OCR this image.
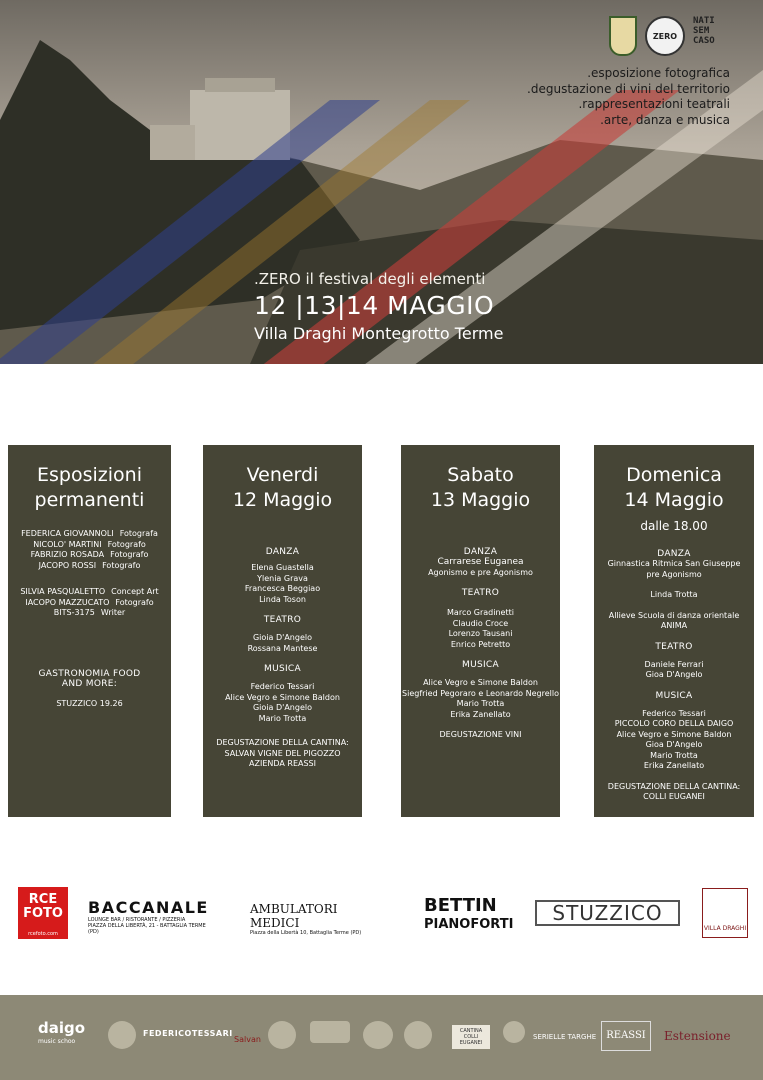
ZERO
NATI SEM CASO
.esposizione fotografica
.degustazione di vini del territorio
.rappresentazioni teatrali
.arte, danza e musica
.ZERO il festival degli elementi
12 |13|14 MAGGIO
Villa Draghi Montegrotto Terme
Esposizioni
permanenti
FEDERICA GIOVANNOLI Fotografa
NICOLO' MARTINI Fotografo
FABRIZIO ROSADA Fotografo
JACOPO ROSSI Fotografo
SILVIA PASQUALETTO Concept Art
IACOPO MAZZUCATO Fotografo
BITS-3175 Writer
GASTRONOMIA FOOD
AND MORE:
STUZZICO 19.26
Venerdi
12 Maggio
DANZA
Elena Guastella
Ylenia Grava
Francesca Beggiao
Linda Toson
TEATRO
Gioia D'Angelo
Rossana Mantese
MUSICA
Federico Tessari
Alice Vegro e Simone Baldon
Gioia D'Angelo
Mario Trotta
DEGUSTAZIONE DELLA CANTINA:
SALVAN VIGNE DEL PIGOZZO
AZIENDA REASSI
Sabato
13 Maggio
DANZA
Carrarese Euganea
Agonismo e pre Agonismo
TEATRO
Marco Gradinetti
Claudio Croce
Lorenzo Tausani
Enrico Petretto
MUSICA
Alice Vegro e Simone Baldon
Siegfried Pegoraro e Leonardo Negrello
Mario Trotta
Erika Zanellato
DEGUSTAZIONE VINI
Domenica
14 Maggio
dalle 18.00
DANZA
Ginnastica Ritmica San Giuseppe
pre Agonismo
Linda Trotta
Allieve Scuola di danza orientale
ANIMA
TEATRO
Daniele Ferrari
Gioa D'Angelo
MUSICA
Federico Tessari
PICCOLO CORO DELLA DAIGO
Alice Vegro e Simone Baldon
Gioa D'Angelo
Mario Trotta
Erika Zanellato
DEGUSTAZIONE DELLA CANTINA:
COLLI EUGANEI
RCE FOTO
rcefoto.com
BACCANALE
LOUNGE BAR / RISTORANTE / PIZZERIA
PIAZZA DELLA LIBERTÀ, 21 - BATTAGLIA TERME (PD)
AMBULATORI MEDICI
Piazza della Libertà 10, Battaglia Terme (PD)
BETTIN
PIANOFORTI	STUZZICO
VILLA DRAGHI
daigo
music schoo
FEDERICOTESSARI
Salvan
CANTINA COLLI EUGANEI
SERIELLE TARGHE	REASSI	Estensione
